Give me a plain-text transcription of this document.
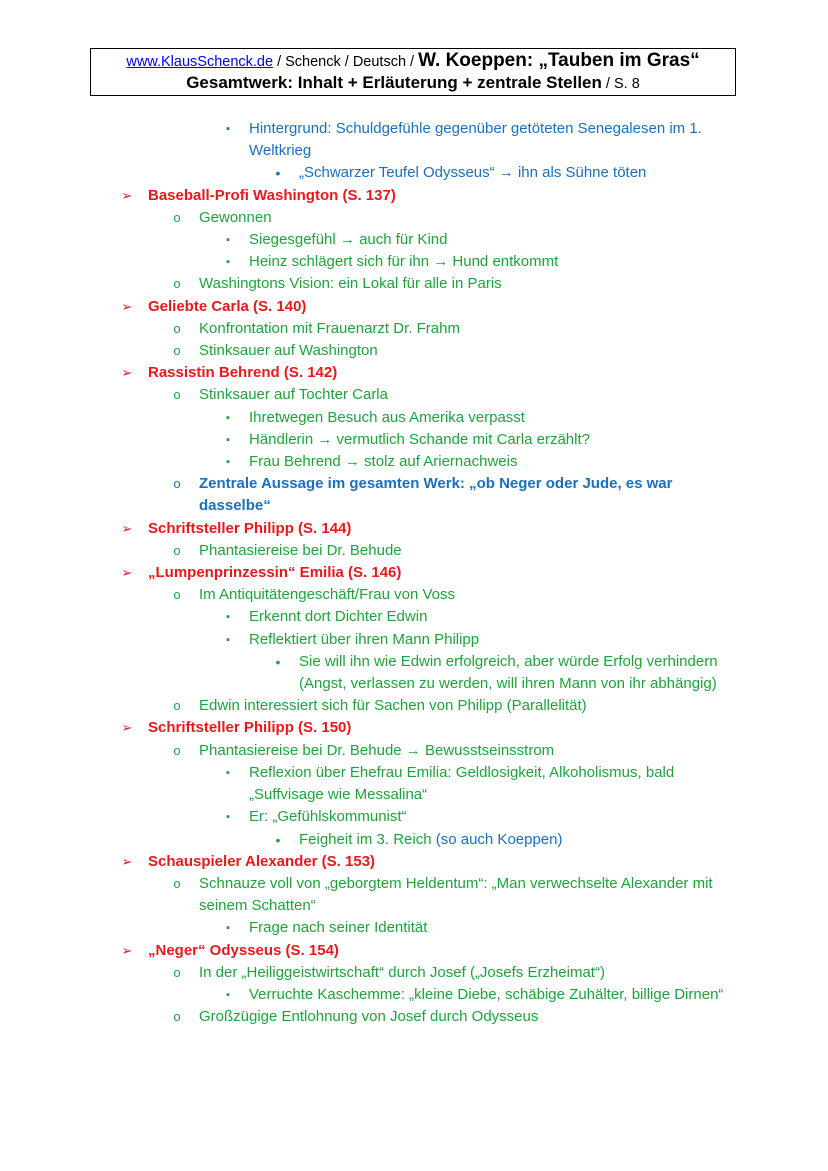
www.KlausSchenck.de / Schenck / Deutsch / W. Koeppen: „Tauben im Gras“
Gesamtwerk: Inhalt + Erläuterung + zentrale Stellen / S. 8
▪	Hintergrund: Schuldgefühle gegenüber getöteten Senegalesen im 1. Weltkrieg
•	„Schwarzer Teufel Odysseus“ → ihn als Sühne töten
➢ Baseball-Profi Washington (S. 137)
o Gewonnen
▪	Siegesgefühl → auch für Kind
▪	Heinz schlägert sich für ihn → Hund entkommt
o Washingtons Vision: ein Lokal für alle in Paris
➢ Geliebte Carla (S. 140)
o Konfrontation mit Frauenarzt Dr. Frahm
o Stinksauer auf Washington
➢ Rassistin Behrend (S. 142)
o Stinksauer auf Tochter Carla
▪	Ihretwegen Besuch aus Amerika verpasst
▪	Händlerin → vermutlich Schande mit Carla erzählt?
▪	Frau Behrend → stolz auf Ariernachweis
o Zentrale Aussage im gesamten Werk: „ob Neger oder Jude, es war dasselbe“
➢ Schriftsteller Philipp (S. 144)
o Phantasiereise bei Dr. Behude
➢ „Lumpenprinzessin“ Emilia (S. 146)
o Im Antiquitätengeschäft/Frau von Voss
▪	Erkennt dort Dichter Edwin
▪	Reflektiert über ihren Mann Philipp
•	Sie will ihn wie Edwin erfolgreich, aber würde Erfolg verhindern (Angst, verlassen zu werden, will ihren Mann von ihr abhängig)
o Edwin interessiert sich für Sachen von Philipp (Parallelität)
➢ Schriftsteller Philipp (S. 150)
o Phantasiereise bei Dr. Behude → Bewusstseinsstrom
▪	Reflexion über Ehefrau Emilia: Geldlosigkeit, Alkoholismus, bald „Suffvisage wie Messalina“
▪	Er: „Gefühlskommunist“
•	Feigheit im 3. Reich (so auch Koeppen)
➢ Schauspieler Alexander (S. 153)
o Schnauze voll von „geborgtem Heldentum“: „Man verwechselte Alexander mit seinem Schatten“
▪	Frage nach seiner Identität
➢ „Neger“ Odysseus (S. 154)
o In der „Heiliggeistwirtschaft“ durch Josef („Josefs Erzheimat“)
▪	Verruchte Kaschemme: „kleine Diebe, schäbige Zuhälter, billige Dirnen“
o Großzügige Entlohnung von Josef durch Odysseus
